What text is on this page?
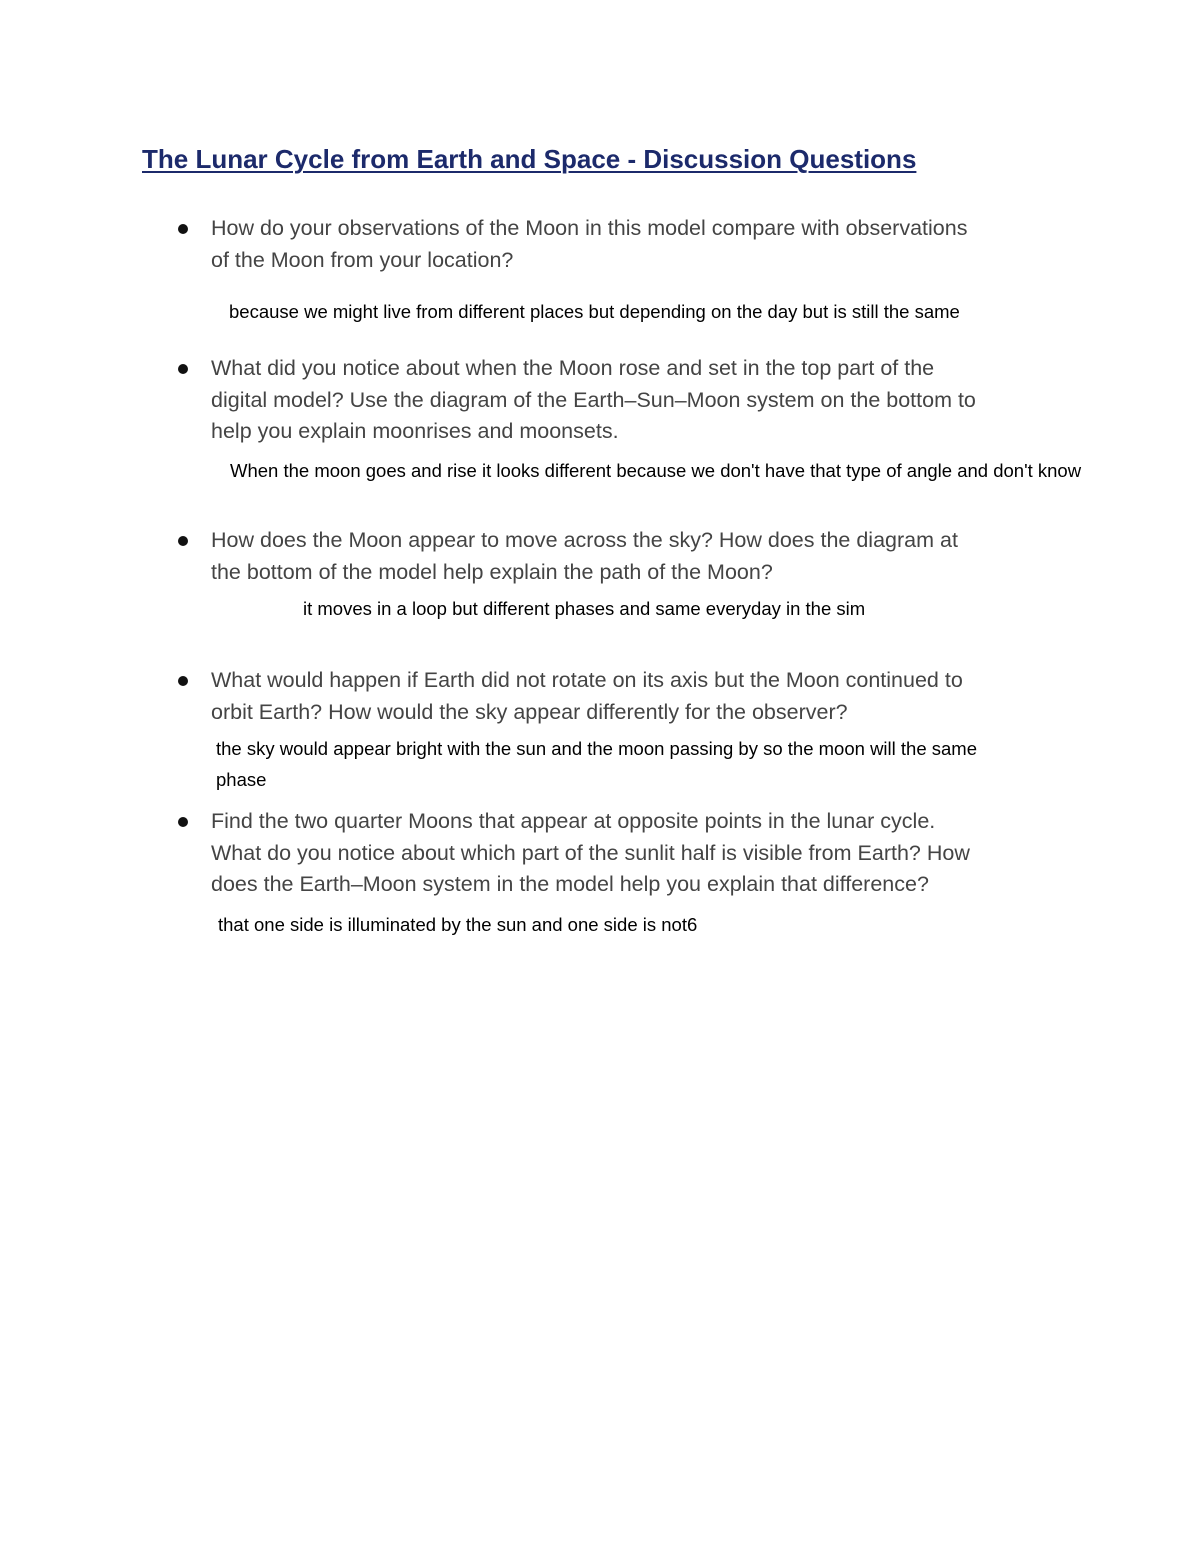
The Lunar Cycle from Earth and Space - Discussion Questions

How do your observations of the Moon in this model compare with observations
of the Moon from your location?

because we might live from different places but depending on the day but is still the same

What did you notice about when the Moon rose and set in the top part of the
digital model? Use the diagram of the Earth–Sun–Moon system on the bottom to
help you explain moonrises and moonsets.

When the moon goes and rise it looks different because we don't have that type of angle and don't know

How does the Moon appear to move across the sky? How does the diagram at
the bottom of the model help explain the path of the Moon?

it moves in a loop but different phases and same everyday in the sim

What would happen if Earth did not rotate on its axis but the Moon continued to
orbit Earth? How would the sky appear differently for the observer?

the sky would appear bright with the sun and the moon passing by so the moon will the same

phase

Find the two quarter Moons that appear at opposite points in the lunar cycle.
What do you notice about which part of the sunlit half is visible from Earth? How
does the Earth–Moon system in the model help you explain that difference?

that one side is illuminated by the sun and one side is not6
